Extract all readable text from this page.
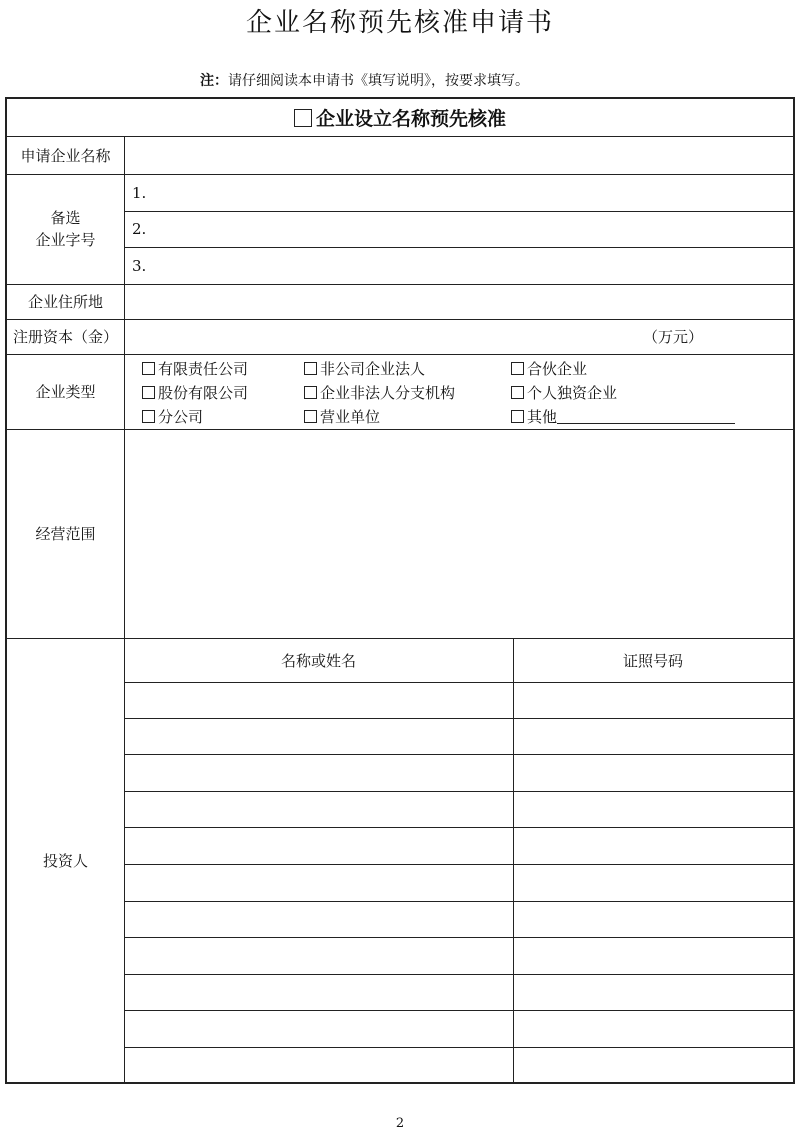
企业名称预先核准申请书
注：请仔细阅读本申请书《填写说明》，按要求填写。
企业设立名称预先核准
申请企业名称
备选
企业字号
1.
2.
3.
企业住所地
注册资本（金）	（万元）
企业类型
有限责任公司	非公司企业法人	合伙企业
股份有限公司	企业非法人分支机构	个人独资企业
分公司	营业单位	其他
经营范围
投资人
名称或姓名	证照号码
2
